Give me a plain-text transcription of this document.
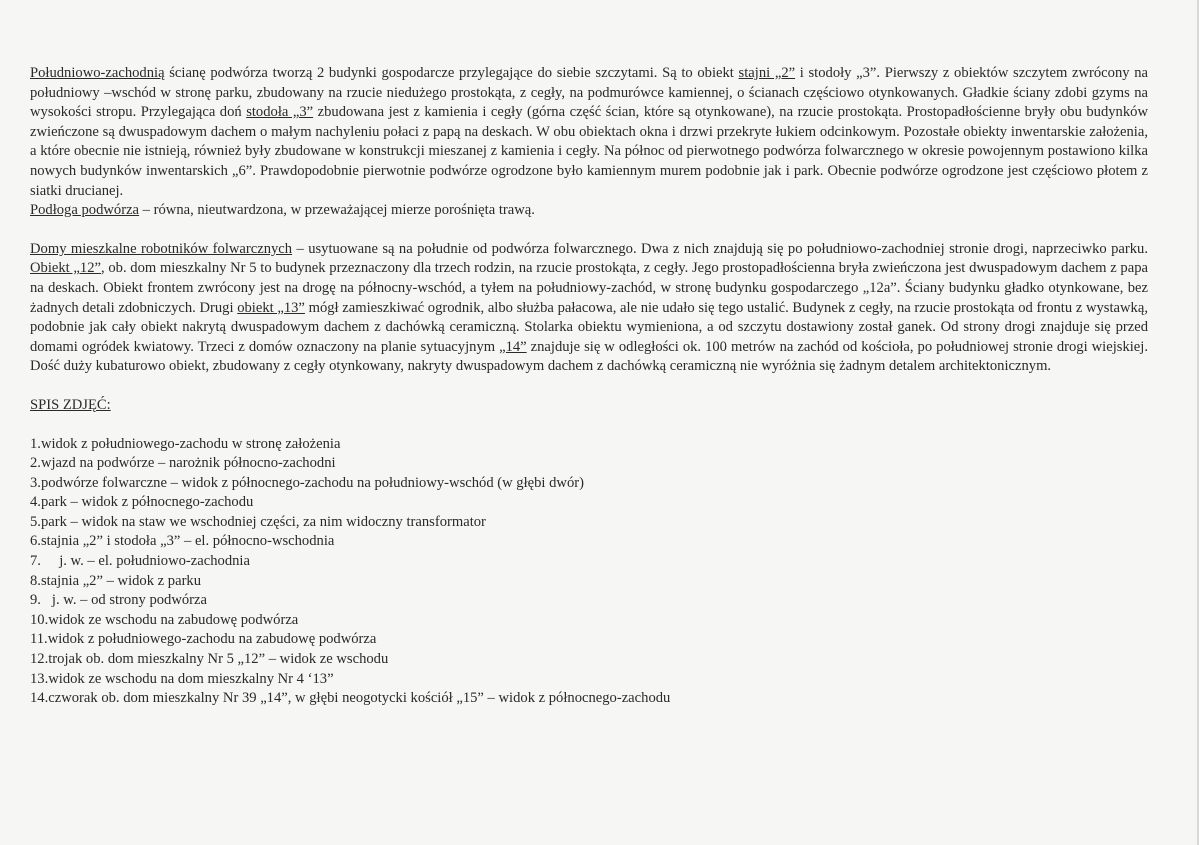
Południowo-zachodnią ścianę podwórza tworzą 2 budynki gospodarcze przylegające do siebie szczytami. Są to obiekt stajni „2” i stodoły „3”. Pierwszy z obiektów szczytem zwrócony na południowy –wschód w stronę parku, zbudowany na rzucie niedużego prostokąta, z cegły, na podmurówce kamiennej, o ścianach częściowo otynkowanych. Gładkie ściany zdobi gzyms na wysokości stropu. Przylegająca doń stodoła „3” zbudowana jest z kamienia i cegły (górna część ścian, które są otynkowane), na rzucie prostokąta. Prostopadłościenne bryły obu budynków zwieńczone są dwuspadowym dachem o małym nachyleniu połaci z papą na deskach. W obu obiektach okna i drzwi przekryte łukiem odcinkowym. Pozostałe obiekty inwentarskie założenia, a które obecnie nie istnieją, również były zbudowane w konstrukcji mieszanej z kamienia i cegły. Na północ od pierwotnego podwórza folwarcznego w okresie powojennym postawiono kilka nowych budynków inwentarskich „6”. Prawdopodobnie pierwotnie podwórze ogrodzone było kamiennym murem podobnie jak i park. Obecnie podwórze ogrodzone jest częściowo płotem z siatki drucianej.

Podłoga podwórza – równa, nieutwardzona, w przeważającej mierze porośnięta trawą.

Domy mieszkalne robotników folwarcznych – usytuowane są na południe od podwórza folwarcznego. Dwa z nich znajdują się po południowo-zachodniej stronie drogi, naprzeciwko parku. Obiekt „12”, ob. dom mieszkalny Nr 5 to budynek przeznaczony dla trzech rodzin, na rzucie prostokąta, z cegły. Jego prostopadłościenna bryła zwieńczona jest dwuspadowym dachem z papa na deskach. Obiekt frontem zwrócony jest na drogę na północny-wschód, a tyłem na południowy-zachód, w stronę budynku gospodarczego „12a”. Ściany budynku gładko otynkowane, bez żadnych detali zdobniczych. Drugi obiekt „13” mógł zamieszkiwać ogrodnik, albo służba pałacowa, ale nie udało się tego ustalić. Budynek z cegły, na rzucie prostokąta od frontu z wystawką, podobnie jak cały obiekt nakrytą dwuspadowym dachem z dachówką ceramiczną. Stolarka obiektu wymieniona, a od szczytu dostawiony został ganek. Od strony drogi znajduje się przed domami ogródek kwiatowy. Trzeci z domów oznaczony na planie sytuacyjnym „14” znajduje się w odległości ok. 100 metrów na zachód od kościoła, po południowej stronie drogi wiejskiej. Dość duży kubaturowo obiekt, zbudowany z cegły otynkowany, nakryty dwuspadowym dachem z dachówką ceramiczną nie wyróżnia się żadnym detalem architektonicznym.

SPIS ZDJĘĆ:

1.widok z południowego-zachodu w stronę założenia
2.wjazd na podwórze – narożnik północno-zachodni
3.podwórze folwarczne – widok z północnego-zachodu na południowy-wschód (w głębi dwór)
4.park – widok z północnego-zachodu
5.park – widok na staw we wschodniej części, za nim widoczny transformator
6.stajnia „2” i stodoła „3” – el. północno-wschodnia
7.     j. w. – el. południowo-zachodnia
8.stajnia „2” – widok z parku
9.   j. w. – od strony podwórza
10.widok ze wschodu na zabudowę podwórza
11.widok z południowego-zachodu na zabudowę podwórza
12.trojak ob. dom mieszkalny Nr 5 „12” – widok ze wschodu
13.widok ze wschodu na dom mieszkalny Nr 4 ‘13”
14.czworak ob. dom mieszkalny Nr 39 „14”, w głębi neogotycki kościół „15” – widok z północnego-zachodu
